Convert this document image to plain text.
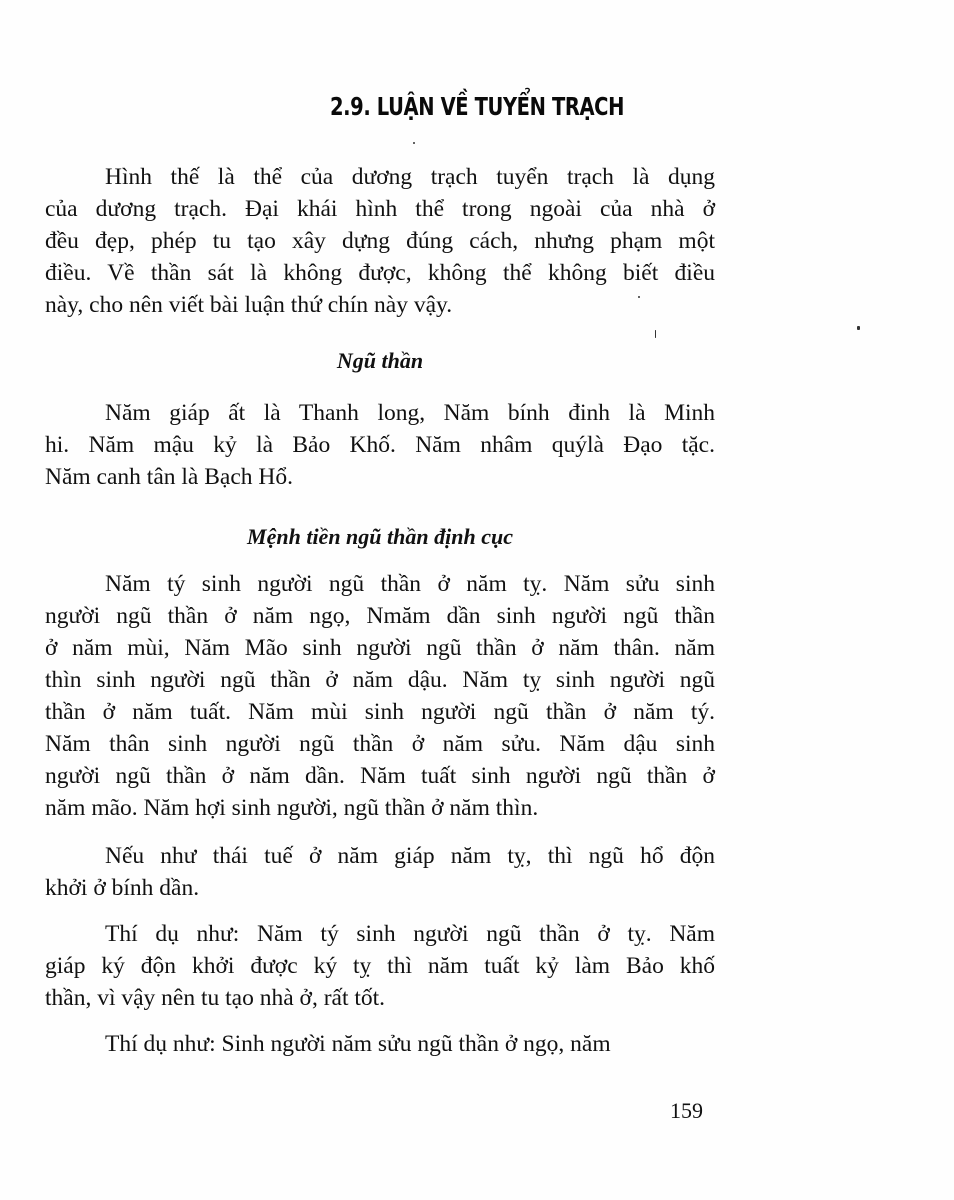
2.9. LUẬN VỀ TUYỂN TRẠCH
Hình thế là thể của dương trạch tuyển trạch là dụng
của dương trạch. Đại khái hình thể trong ngoài của nhà ở
đều đẹp, phép tu tạo xây dựng đúng cách, nhưng phạm một
điều. Về thần sát là không được, không thể không biết điều
này, cho nên viết bài luận thứ chín này vậy.
Ngũ thần
Năm giáp ất là Thanh long, Năm bính đinh là Minh
hi. Năm mậu kỷ là Bảo Khố. Năm nhâm quýlà Đạo tặc.
Năm canh tân là Bạch Hổ.
Mệnh tiền ngũ thần định cục
Năm tý sinh người ngũ thần ở năm tỵ. Năm sửu sinh
người ngũ thần ở năm ngọ, Nmăm dần sinh người ngũ thần
ở năm mùi, Năm Mão sinh người ngũ thần ở năm thân. năm
thìn sinh người ngũ thần ở năm dậu. Năm tỵ sinh người ngũ
thần ở năm tuất. Năm mùi sinh người ngũ thần ở năm tý.
Năm thân sinh người ngũ thần ở năm sửu. Năm dậu sinh
người ngũ thần ở năm dần. Năm tuất sinh người ngũ thần ở
năm mão. Năm hợi sinh người, ngũ thần ở năm thìn.
Nếu như thái tuế ở năm giáp năm tỵ, thì ngũ hổ độn
khởi ở bính dần.
Thí dụ như: Năm tý sinh người ngũ thần ở tỵ. Năm
giáp ký độn khởi được ký tỵ thì năm tuất kỷ làm Bảo khố
thần, vì vậy nên tu tạo nhà ở, rất tốt.
Thí dụ như: Sinh người năm sửu ngũ thần ở ngọ, năm
159
